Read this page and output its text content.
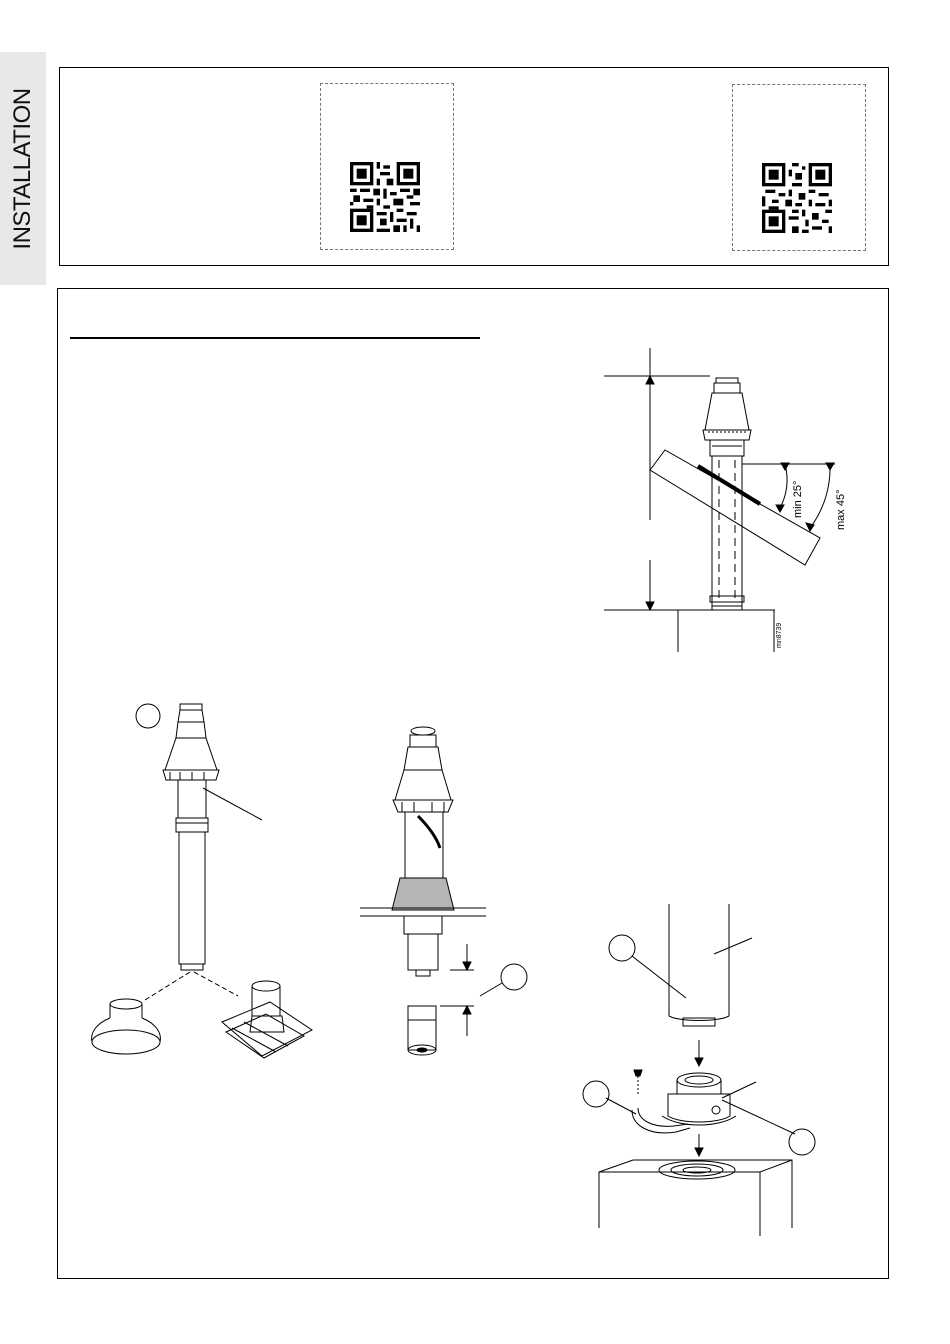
INSTALLATION
min 25°	max 45°
mn8739
